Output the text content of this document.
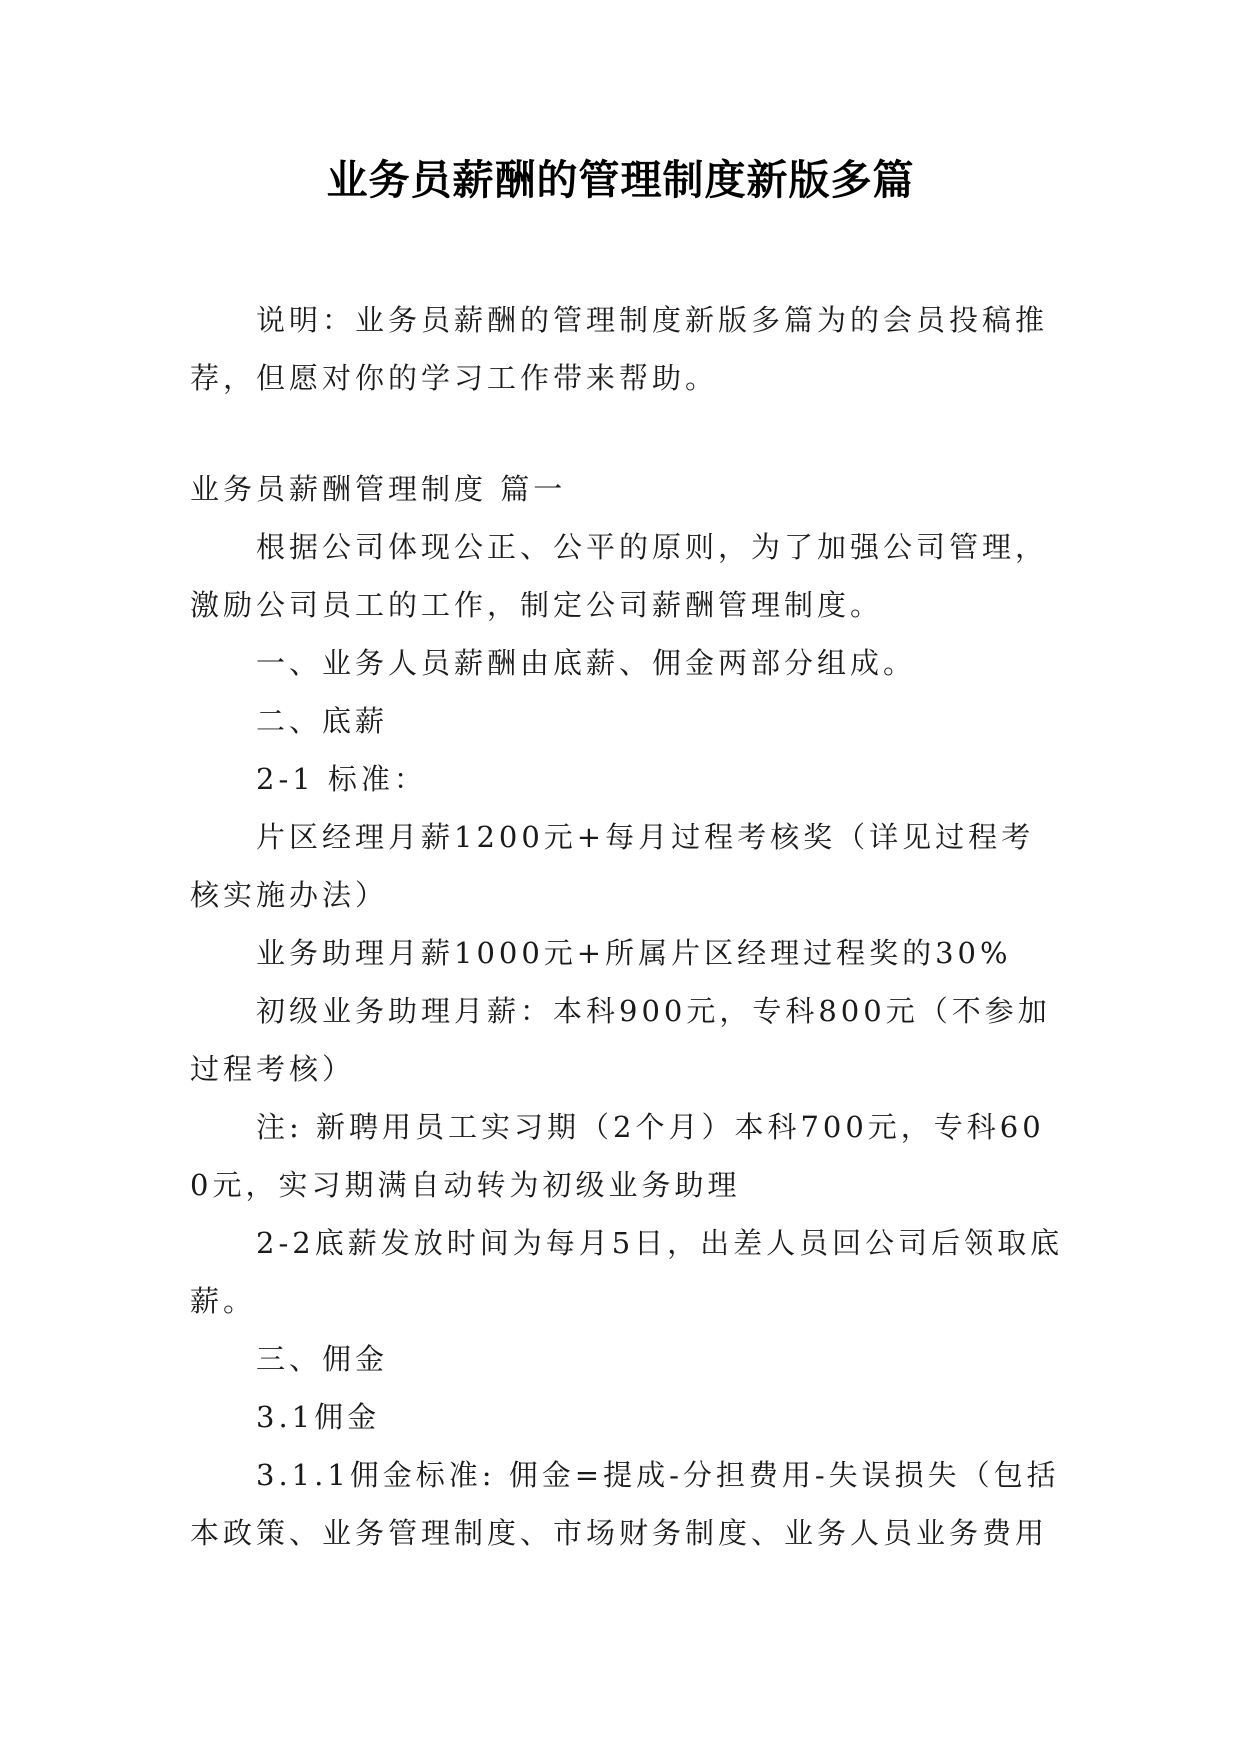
业务员薪酬的管理制度新版多篇

说明：业务员薪酬的管理制度新版多篇为的会员投稿推荐，但愿对你的学习工作带来帮助。

业务员薪酬管理制度 篇一

根据公司体现公正、公平的原则，为了加强公司管理，激励公司员工的工作，制定公司薪酬管理制度。

一、业务人员薪酬由底薪、佣金两部分组成。

二、底薪

2-1 标准：

片区经理月薪1200元+每月过程考核奖（详见过程考核实施办法）

业务助理月薪1000元+所属片区经理过程奖的30%

初级业务助理月薪：本科900元，专科800元（不参加过程考核）

注: 新聘用员工实习期（2个月）本科700元，专科600元，实习期满自动转为初级业务助理

2-2底薪发放时间为每月5日，出差人员回公司后领取底薪。

三、佣金

3.1佣金

3.1.1佣金标准: 佣金=提成-分担费用-失误损失（包括本政策、业务管理制度、市场财务制度、业务人员业务费用
